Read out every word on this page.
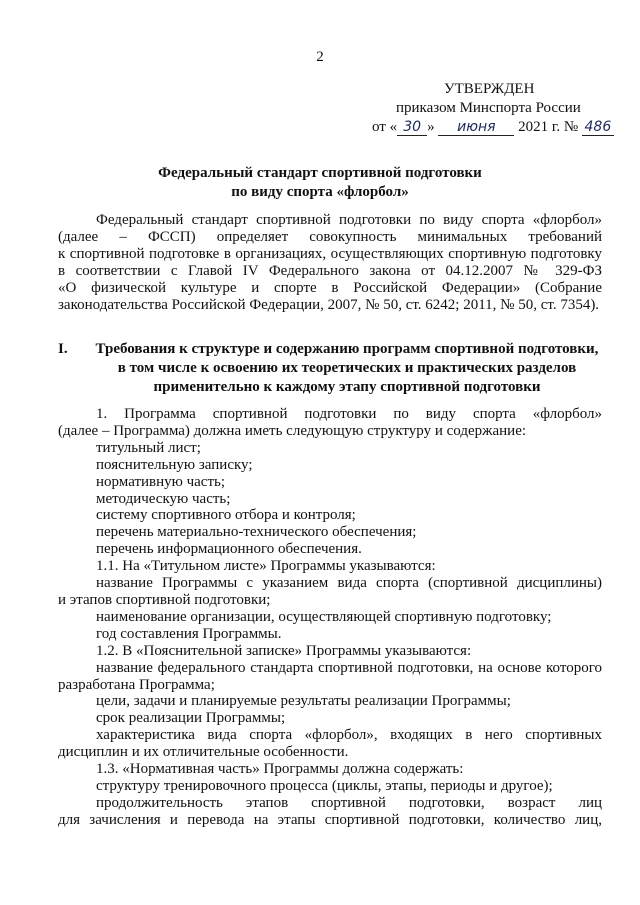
2
УТВЕРЖДЕН
приказом Минспорта России
от « 30 » июня 2021 г. № 486
Федеральный стандарт спортивной подготовки
по виду спорта «флорбол»
Федеральный стандарт спортивной подготовки по виду спорта «флорбол»
(далее – ФССП) определяет совокупность минимальных требований
к спортивной подготовке в организациях, осуществляющих спортивную подготовку
в соответствии с Главой IV Федерального закона от 04.12.2007 № 329-ФЗ
«О физической культуре и спорте в Российской Федерации» (Собрание
законодательства Российской Федерации, 2007, № 50, ст. 6242; 2011, № 50, ст. 7354).
I. Требования к структуре и содержанию программ спортивной подготовки,
в том числе к освоению их теоретических и практических разделов
применительно к каждому этапу спортивной подготовки
1. Программа спортивной подготовки по виду спорта «флорбол»
(далее – Программа) должна иметь следующую структуру и содержание:
титульный лист;
пояснительную записку;
нормативную часть;
методическую часть;
систему спортивного отбора и контроля;
перечень материально-технического обеспечения;
перечень информационного обеспечения.
1.1. На «Титульном листе» Программы указываются:
название Программы с указанием вида спорта (спортивной дисциплины)
и этапов спортивной подготовки;
наименование организации, осуществляющей спортивную подготовку;
год составления Программы.
1.2. В «Пояснительной записке» Программы указываются:
название федерального стандарта спортивной подготовки, на основе которого
разработана Программа;
цели, задачи и планируемые результаты реализации Программы;
срок реализации Программы;
характеристика вида спорта «флорбол», входящих в него спортивных
дисциплин и их отличительные особенности.
1.3. «Нормативная часть» Программы должна содержать:
структуру тренировочного процесса (циклы, этапы, периоды и другое);
продолжительность этапов спортивной подготовки, возраст лиц
для зачисления и перевода на этапы спортивной подготовки, количество лиц,
